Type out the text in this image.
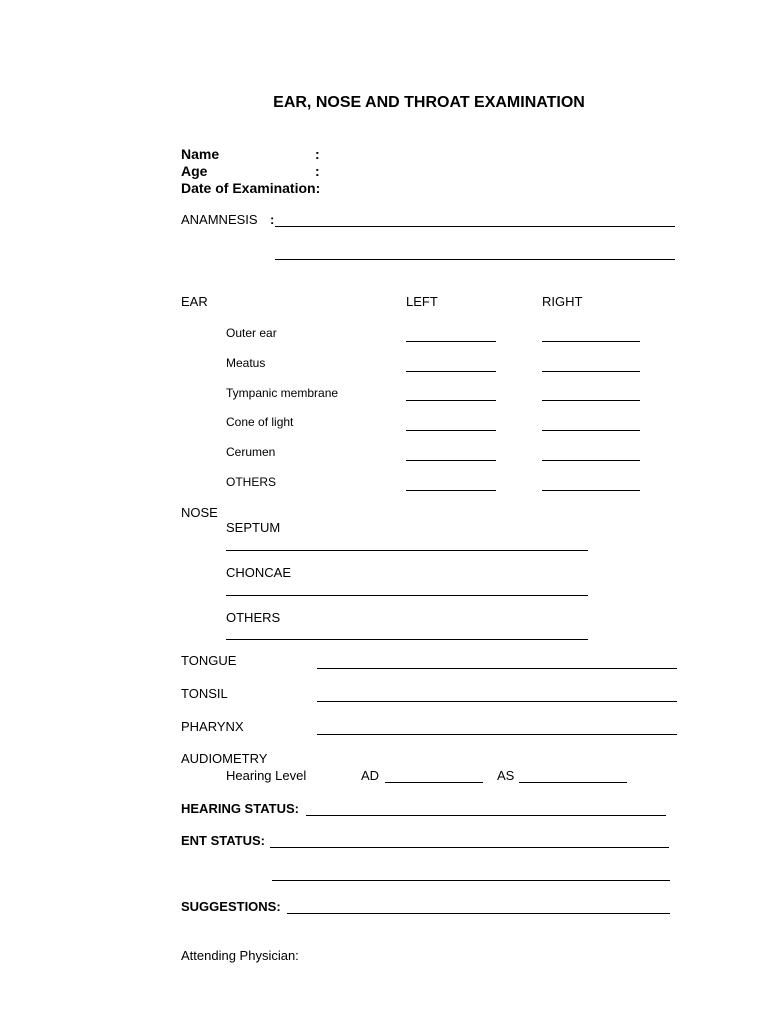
EAR, NOSE AND THROAT EXAMINATION
Name	:
Age	:
Date of Examination:
ANAMNESIS :
EAR	LEFT	RIGHT
Outer ear
Meatus
Tympanic membrane
Cone of light
Cerumen
OTHERS
NOSE
SEPTUM
CHONCAE
OTHERS
TONGUE
TONSIL
PHARYNX
AUDIOMETRY
Hearing Level	AD	AS
HEARING STATUS:
ENT STATUS:
SUGGESTIONS:
Attending Physician:
